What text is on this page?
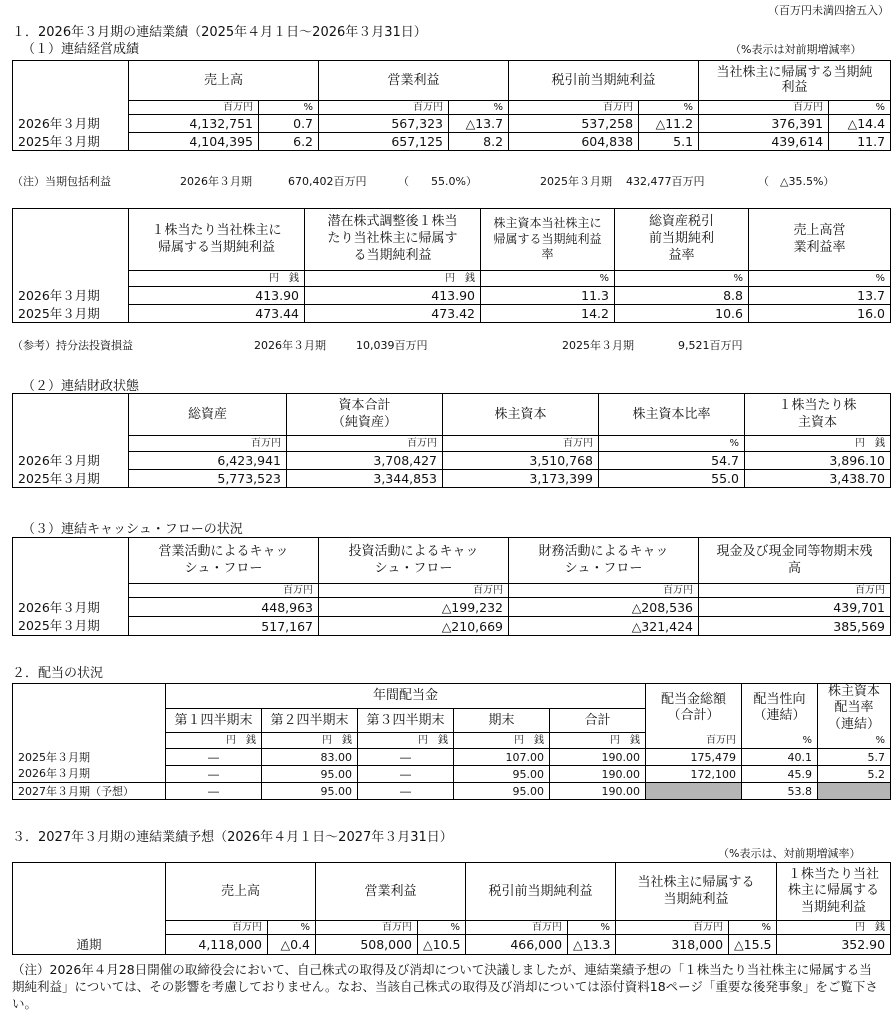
（百万円未満四捨五入）
１．2026年３月期の連結業績（2025年４月１日～2026年３月31日）
（１）連結経営成績	（%表示は対前期増減率）
	売上高		営業利益		税引前当期純利益		当社株主に帰属する当期純利益	
	百万円	%	百万円	%	百万円	%	百万円	%
2026年３月期	4,132,751	0.7	567,323	△13.7	537,258	△11.2	376,391	△14.4
2025年３月期	4,104,395	6.2	657,125	8.2	604,838	5.1	439,614	11.7
（注）当期包括利益	2026年３月期	670,402百万円	（　　55.0%）	2025年３月期 432,477百万円	（　△35.5%）
	１株当たり当社株主に帰属する当期純利益	潜在株式調整後１株当たり当社株主に帰属する当期純利益	株主資本当社株主に帰属する当期純利益率	総資産税引前当期純利益率	売上高営業利益率
	円　銭	円　銭	%	%	%
2026年３月期	413.90	413.90	11.3	8.8	13.7
2025年３月期	473.44	473.42	14.2	10.6	16.0
（参考）持分法投資損益	2026年３月期	10,039百万円	2025年３月期	9,521百万円
（２）連結財政状態
	総資産	資本合計（純資産）	株主資本	株主資本比率	１株当たり株主資本
	百万円	百万円	百万円	%	円　銭
2026年３月期	6,423,941	3,708,427	3,510,768	54.7	3,896.10
2025年３月期	5,773,523	3,344,853	3,173,399	55.0	3,438.70
（３）連結キャッシュ・フローの状況
	営業活動によるキャッシュ・フロー	投資活動によるキャッシュ・フロー	財務活動によるキャッシュ・フロー	現金及び現金同等物期末残高
	百万円	百万円	百万円	百万円
2026年３月期	448,963	△199,232	△208,536	439,701
2025年３月期	517,167	△210,669	△321,424	385,569
２．配当の状況
	年間配当金					配当金総額（合計）	配当性向（連結）	株主資本配当率（連結）
	第１四半期末	第２四半期末	第３四半期末	期末	合計			
	円　銭	円　銭	円　銭	円　銭	円　銭	百万円	%	%
2025年３月期	―	83.00	―	107.00	190.00	175,479	40.1	5.7
2026年３月期	―	95.00	―	95.00	190.00	172,100	45.9	5.2
2027年３月期（予想）	―	95.00	―	95.00	190.00		53.8	
３．2027年３月期の連結業績予想（2026年４月１日～2027年３月31日）
（%表示は、対前期増減率）
	売上高		営業利益		税引前当期純利益		当社株主に帰属する当期純利益		１株当たり当社株主に帰属する当期純利益
	百万円	%	百万円	%	百万円	%	百万円	%	円　銭
通期	4,118,000	△0.4	508,000	△10.5	466,000	△13.3	318,000	△15.5	352.90
（注）2026年４月28日開催の取締役会において、自己株式の取得及び消却について決議しましたが、連結業績予想の「１株当たり当社株主に帰属する当期純利益」については、その影響を考慮しておりません。なお、当該自己株式の取得及び消却については添付資料18ページ「重要な後発事象」をご覧下さい。
